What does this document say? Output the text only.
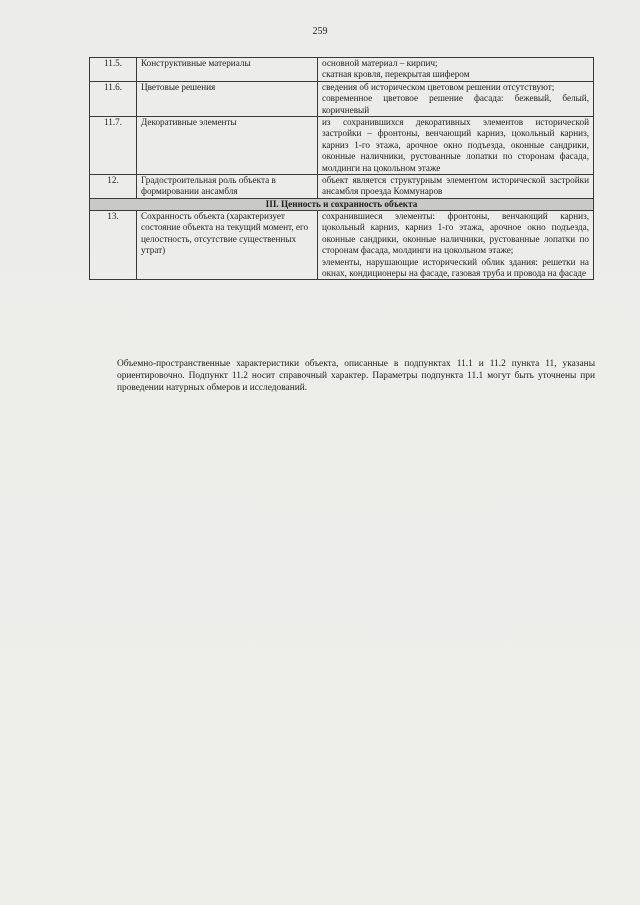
259
11.5.	Конструктивные материалы	основной материал – кирпич;
скатная кровля, перекрытая шифером

11.6.	Цветовые решения	сведения об историческом цветовом решении отсутствуют;
современное цветовое решение фасада: бежевый, белый, коричневый

11.7.	Декоративные элементы	из сохранившихся декоративных элементов исторической застройки – фронтоны, венчающий карниз, цокольный карниз, карниз 1-го этажа, арочное окно подъезда, оконные сандрики, оконные наличники, рустованные лопатки по сторонам фасада, молдинги на цокольном этаже

12.	Градостроительная роль объекта в формировании ансамбля	объект является структурным элементом исторической застройки ансамбля проезда Коммунаров

III. Ценность и сохранность объекта		
13.	Сохранность объекта (характеризует состояние объекта на текущий момент, его целостность, отсутствие существенных утрат)	сохранившиеся элементы: фронтоны, венчающий карниз, цокольный карниз, карниз 1-го этажа, арочное окно подъезда, оконные сандрики, оконные наличники, рустованные лопатки по сторонам фасада, молдинги на цокольном этаже;
элементы, нарушающие исторический облик здания: решетки на окнах, кондиционеры на фасаде, газовая труба и провода на фасаде
Объемно-пространственные характеристики объекта, описанные в подпунктах 11.1 и 11.2 пункта 11, указаны ориентировочно. Подпункт 11.2 носит справочный характер. Параметры подпункта 11.1 могут быть уточнены при проведении натурных обмеров и исследований.
